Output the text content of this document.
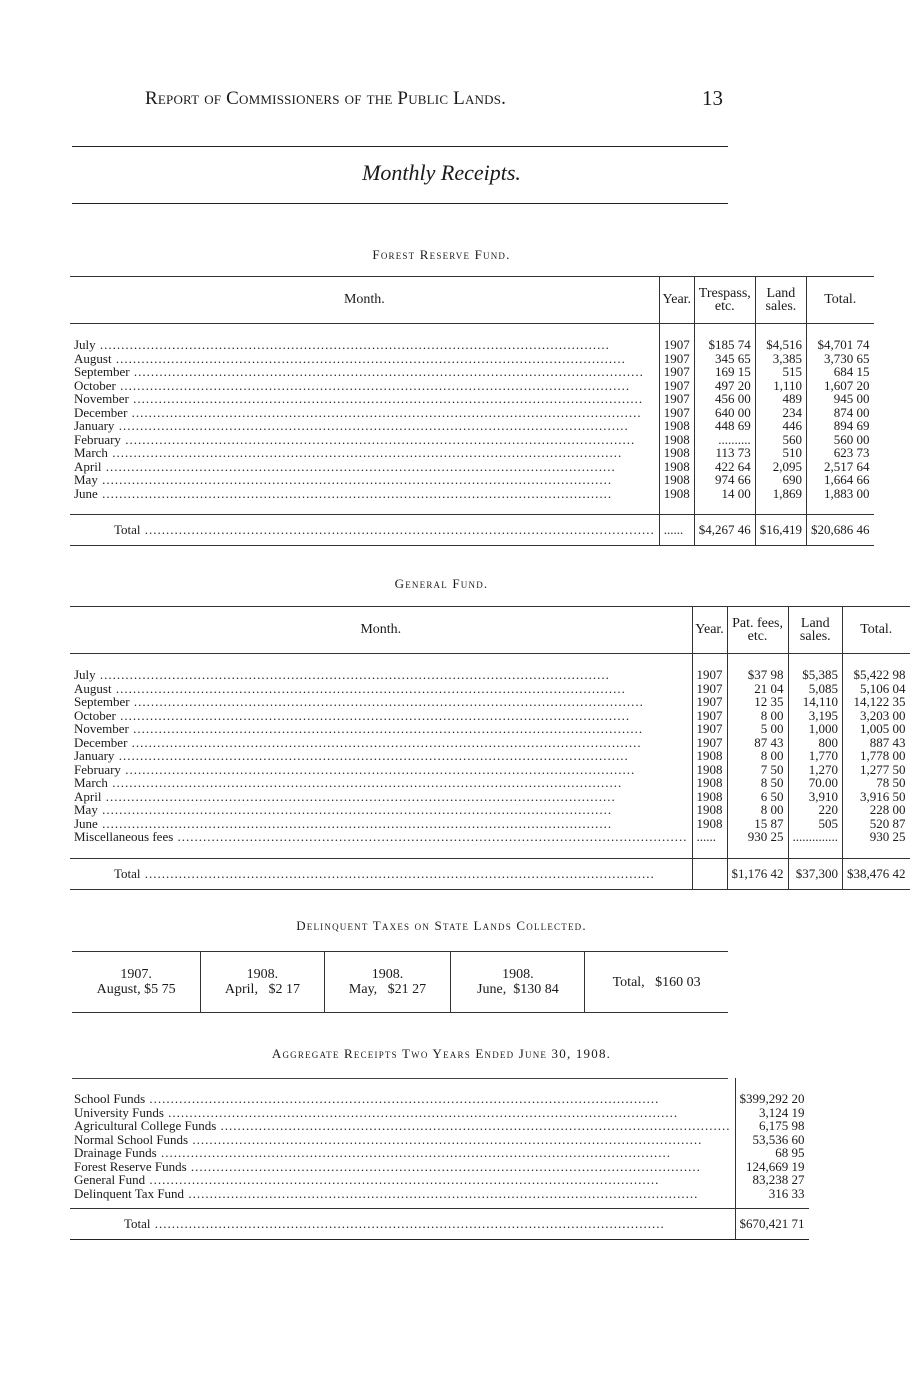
Report of Commissioners of the Public Lands.	13
Monthly Receipts.
Forest Reserve Fund.
Month.	Year.	Trespass, etc.	Land sales.	Total.

July .....	1907	$185 74	$4,516	$4,701 74
August .....	1907	345 65	3,385	3,730 65
September .....	1907	169 15	515	684 15
October .....	1907	497 20	1,110	1,607 20
November .....	1907	456 00	489	945 00
December .....	1907	640 00	234	874 00
January .....	1908	448 69	446	894 69
February .....	1908	..........	560	560 00
March .....	1908	113 73	510	623 73
April .....	1908	422 64	2,095	2,517 64
May .....	1908	974 66	690	1,664 66
June .....	1908	14 00	1,869	1,883 00

Total .....	......	$4,267 46	$16,419	$20,686 46
General Fund.
Month.	Year.	Pat. fees, etc.	Land sales.	Total.

July .....	1907	$37 98	$5,385	$5,422 98
August .....	1907	21 04	5,085	5,106 04
September .....	1907	12 35	14,110	14,122 35
October .....	1907	8 00	3,195	3,203 00
November .....	1907	5 00	1,000	1,005 00
December .....	1907	87 43	800	887 43
January .....	1908	8 00	1,770	1,778 00
February .....	1908	7 50	1,270	1,277 50
March .....	1908	8 50	70.00	78 50
April .....	1908	6 50	3,910	3,916 50
May .....	1908	8 00	220	228 00
June .....	1908	15 87	505	520 87
Miscellaneous fees .....	......	930 25	..............	930 25

Total .....		$1,176 42	$37,300	$38,476 42
Delinquent Taxes on State Lands Collected.
1907.
August, $5 75

1908.
April,   $2 17

1908.
May,   $21 27

1908.
June,  $130 84	Total,   $160 03
Aggregate Receipts Two Years Ended June 30, 1908.

School Funds .....	$399,292 20
University Funds .....	3,124 19
Agricultural College Funds .....	6,175 98
Normal School Funds .....	53,536 60
Drainage Funds .....	68 95
Forest Reserve Funds .....	124,669 19
General Fund .....	83,238 27
Delinquent Tax Fund .....	316 33

Total .....	$670,421 71
